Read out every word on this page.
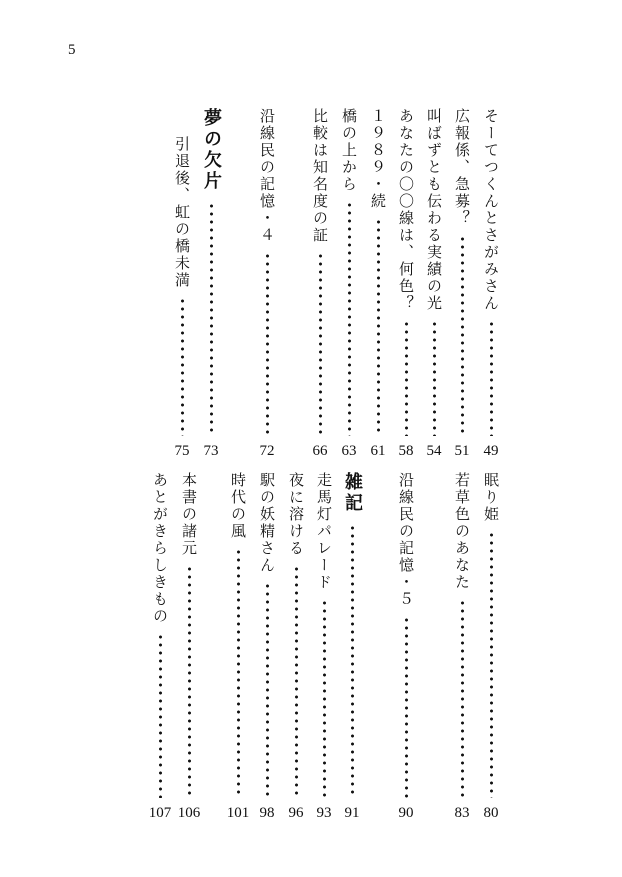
5
そーてつくんとさがみさん
49
広報係、急募？
51
叫ばずとも伝わる実績の光
54
あなたの〇〇線は、何色？
58
１９８９・続
61
橋の上から
63
比較は知名度の証
66
沿線民の記憶・４
72
夢の欠片
73
引退後、虹の橋未満
75
眠り姫
80
若草色のあなた
83
沿線民の記憶・５
90
雑記
91
走馬灯パレード
93
夜に溶ける
96
駅の妖精さん
98
時代の風
101
本書の諸元
106
あとがきらしきもの
107
